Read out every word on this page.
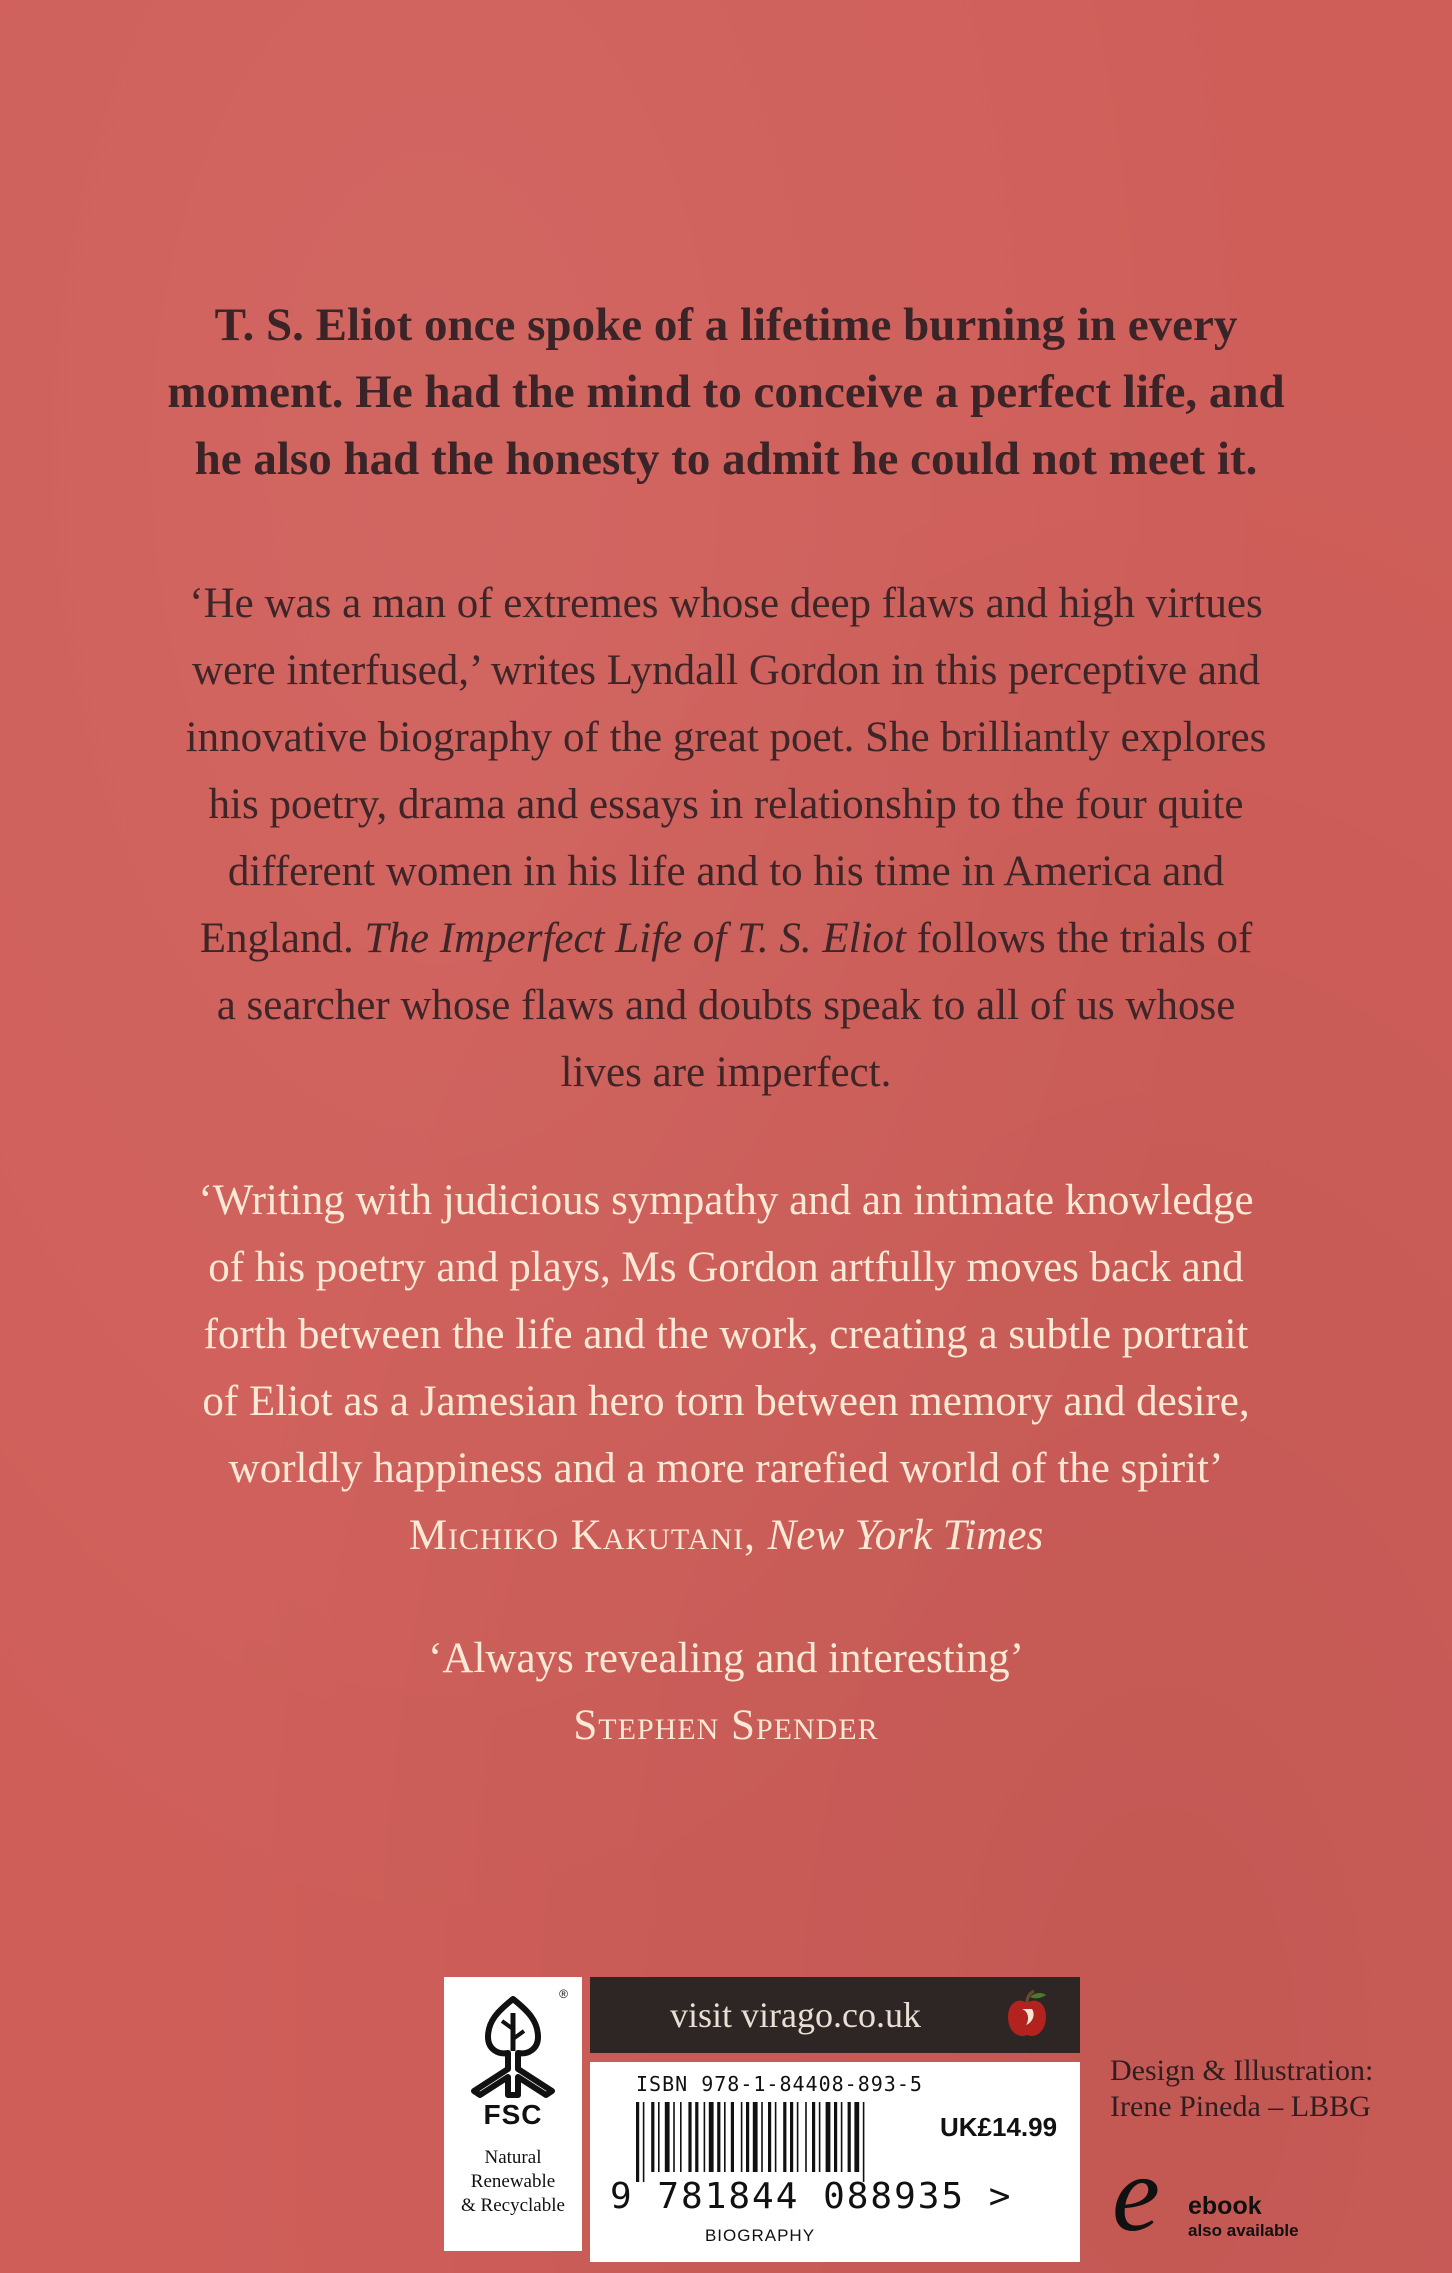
T. S. Eliot once spoke of a lifetime burning in every
moment. He had the mind to conceive a perfect life, and
he also had the honesty to admit he could not meet it.
‘He was a man of extremes whose deep flaws and high virtues
were interfused,’ writes Lyndall Gordon in this perceptive and
innovative biography of the great poet. She brilliantly explores
his poetry, drama and essays in relationship to the four quite
different women in his life and to his time in America and
England. The Imperfect Life of T. S. Eliot follows the trials of
a searcher whose flaws and doubts speak to all of us whose
lives are imperfect.
‘Writing with judicious sympathy and an intimate knowledge
of his poetry and plays, Ms Gordon artfully moves back and
forth between the life and the work, creating a subtle portrait
of Eliot as a Jamesian hero torn between memory and desire,
worldly happiness and a more rarefied world of the spirit’
Michiko Kakutani, New York Times
‘Always revealing and interesting’
Stephen Spender
®
FSC
Natural
Renewable
& Recyclable
visit virago.co.uk
ISBN 978-1-84408-893-5
UK£14.99
9 781844 088935 >
BIOGRAPHY
Design & Illustration:
Irene Pineda – LBBG
e ebook
also available
